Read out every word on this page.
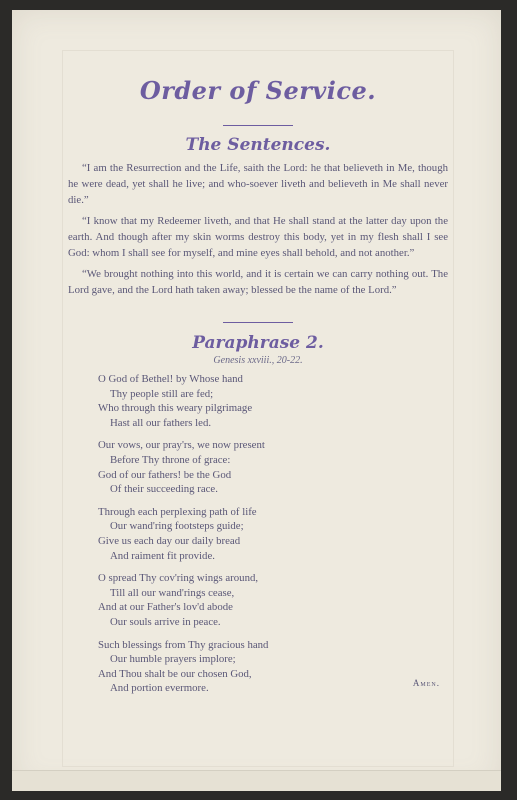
Order of Service.
The Sentences.

“I am the Resurrection and the Life, saith the Lord: he that believeth in Me, though he were dead, yet shall he live; and who-soever liveth and believeth in Me shall never die.”

“I know that my Redeemer liveth, and that He shall stand at the latter day upon the earth. And though after my skin worms destroy this body, yet in my flesh shall I see God: whom I shall see for myself, and mine eyes shall behold, and not another.”

“We brought nothing into this world, and it is certain we can carry nothing out. The Lord gave, and the Lord hath taken away; blessed be the name of the Lord.”

Paraphrase 2.
Genesis xxviii., 20-22.
O God of Bethel! by Whose hand
Thy people still are fed;
Who through this weary pilgrimage
Hast all our fathers led.
Our vows, our pray'rs, we now present
Before Thy throne of grace:
God of our fathers! be the God
Of their succeeding race.
Through each perplexing path of life
Our wand'ring footsteps guide;
Give us each day our daily bread
And raiment fit provide.
O spread Thy cov'ring wings around,
Till all our wand'rings cease,
And at our Father's lov'd abode
Our souls arrive in peace.
Such blessings from Thy gracious hand
Our humble prayers implore;
And Thou shalt be our chosen God,
And portion evermore.	Amen.
